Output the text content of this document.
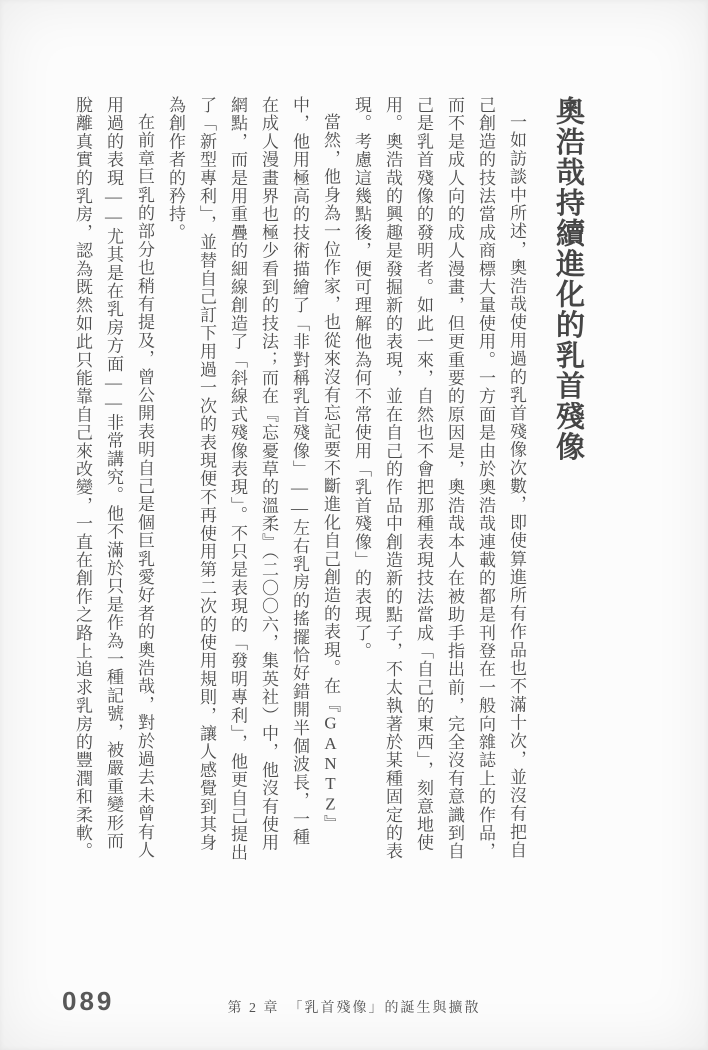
奧浩哉持續進化的乳首殘像

一如訪談中所述，奧浩哉使用過的乳首殘像次數，即使算進所有作品也不滿十次，並沒有把自己創造的技法當成商標大量使用。一方面是由於奧浩哉連載的都是刊登在一般向雜誌上的作品，而不是成人向的成人漫畫，但更重要的原因是，奧浩哉本人在被助手指出前，完全沒有意識到自己是乳首殘像的發明者。如此一來，自然也不會把那種表現技法當成「自己的東西」，刻意地使用。奧浩哉的興趣是發掘新的表現，並在自己的作品中創造新的點子，不太執著於某種固定的表現。考慮這幾點後，便可理解他為何不常使用「乳首殘像」的表現了。

當然，他身為一位作家，也從來沒有忘記要不斷進化自己創造的表現。在『GANTZ』中，他用極高的技術描繪了「非對稱乳首殘像」——左右乳房的搖擺恰好錯開半個波長，一種在成人漫畫界也極少看到的技法；而在『忘憂草的溫柔』（二〇〇六，集英社）中，他沒有使用網點，而是用重疊的細線創造了「斜線式殘像表現」。不只是表現的「發明專利」，他更自己提出了「新型專利」，並替自己訂下用過一次的表現便不再使用第二次的使用規則，讓人感覺到其身為創作者的矜持。

在前章巨乳的部分也稍有提及，曾公開表明自己是個巨乳愛好者的奧浩哉，對於過去未曾有人用過的表現——尤其是在乳房方面——非常講究。他不滿於只是作為一種記號，被嚴重變形而脫離真實的乳房，認為既然如此只能靠自己來改變，一直在創作之路上追求乳房的豐潤和柔軟。

089	第 2 章　「乳首殘像」的誕生與擴散
